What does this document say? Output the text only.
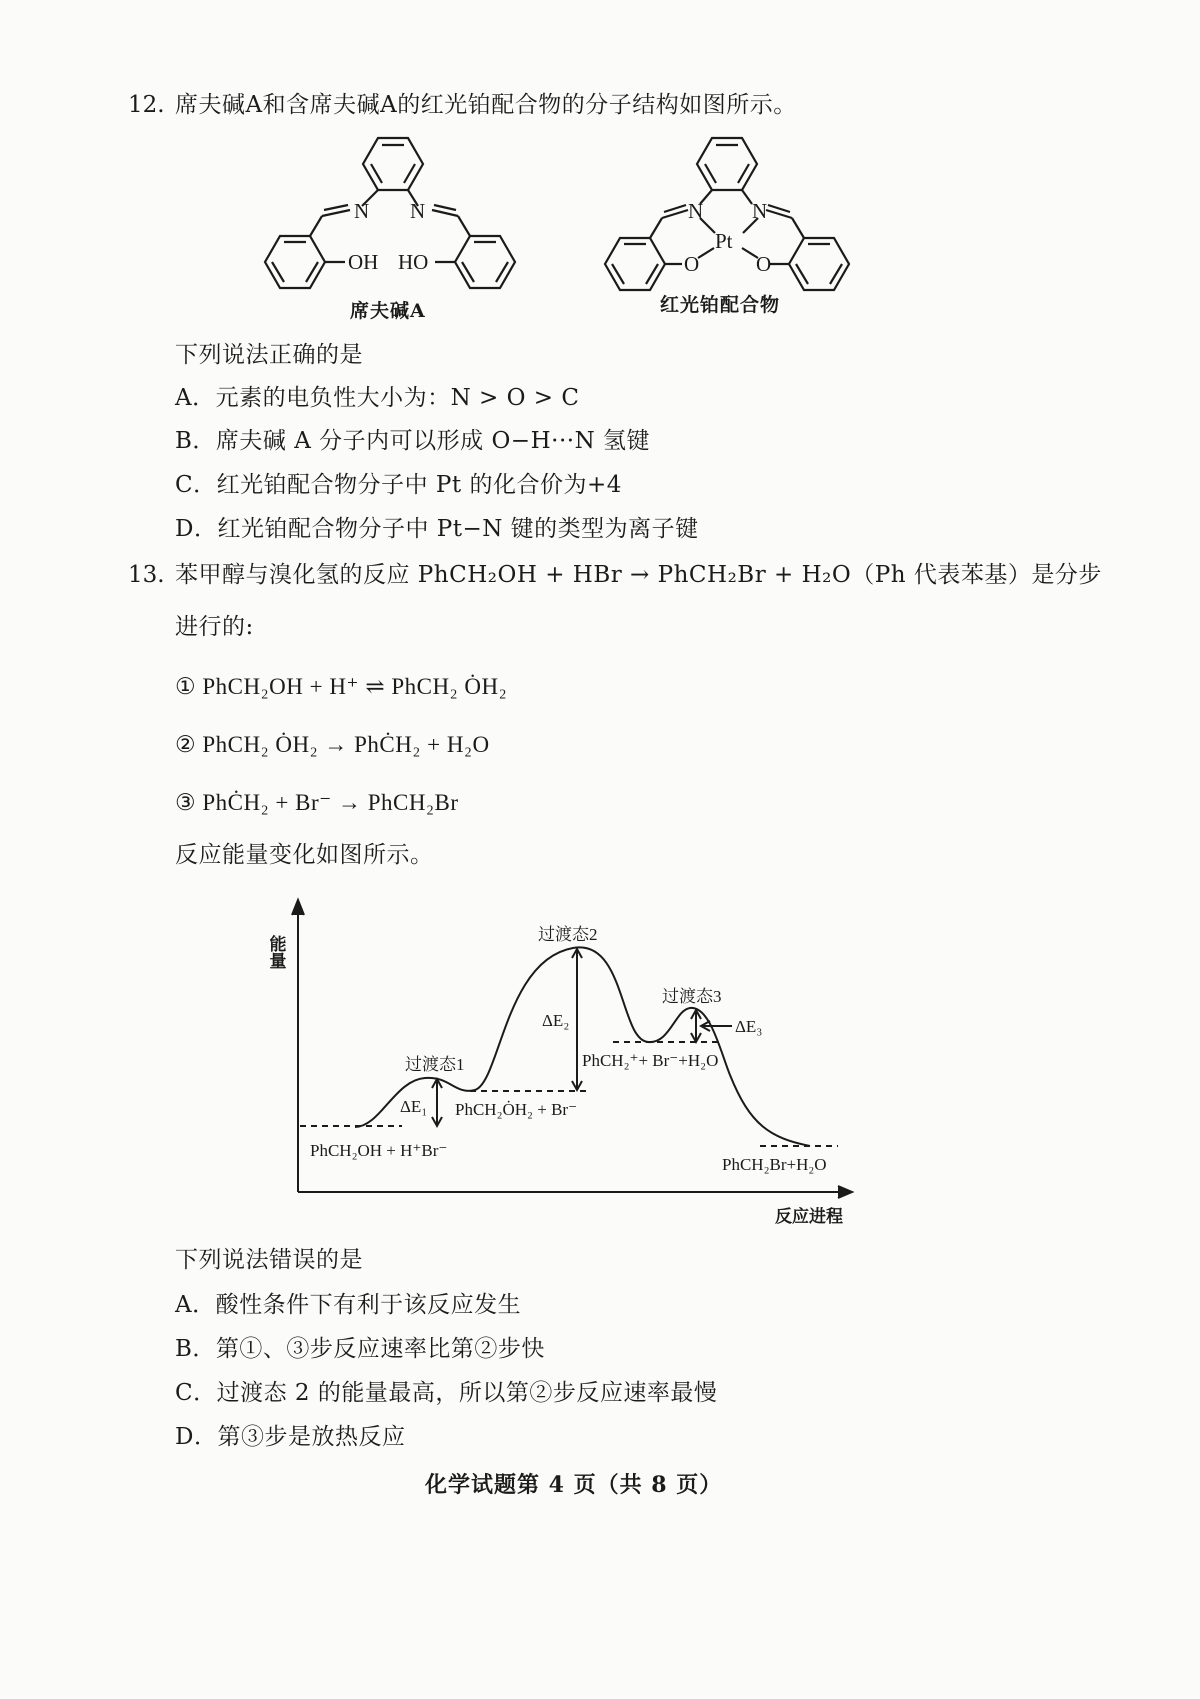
12. 席夫碱A和含席夫碱A的红光铂配合物的分子结构如图所示。
N N
OH HO
席夫碱A
N N
Pt
O	O
红光铂配合物
下列说法正确的是
A．元素的电负性大小为：N > O > C
B．席夫碱 A 分子内可以形成 O−H···N 氢键
C．红光铂配合物分子中 Pt 的化合价为+4
D．红光铂配合物分子中 Pt−N 键的类型为离子键
13. 苯甲醇与溴化氢的反应 PhCH₂OH + HBr → PhCH₂Br + H₂O（Ph 代表苯基）是分步
进行的:
① PhCH₂OH + H⁺ ⇌ PhCH₂ ȮH₂
② PhCH₂ ȮH₂ → PhĊH₂ + H₂O
③ PhĊH₂ + Br⁻ → PhCH₂Br
反应能量变化如图所示。
能量
反应进程
过渡态1
过渡态2
过渡态3
ΔE₁
ΔE₂	ΔE₃
PhCH₂OH + H⁺Br⁻
PhCH₂ȮH₂ + Br⁻
PhCH₂⁺+ Br⁻+H₂O
PhCH₂Br+H₂O
下列说法错误的是
A．酸性条件下有利于该反应发生
B．第①、③步反应速率比第②步快
C．过渡态 2 的能量最高，所以第②步反应速率最慢
D．第③步是放热反应
化学试题第 4 页（共 8 页）
